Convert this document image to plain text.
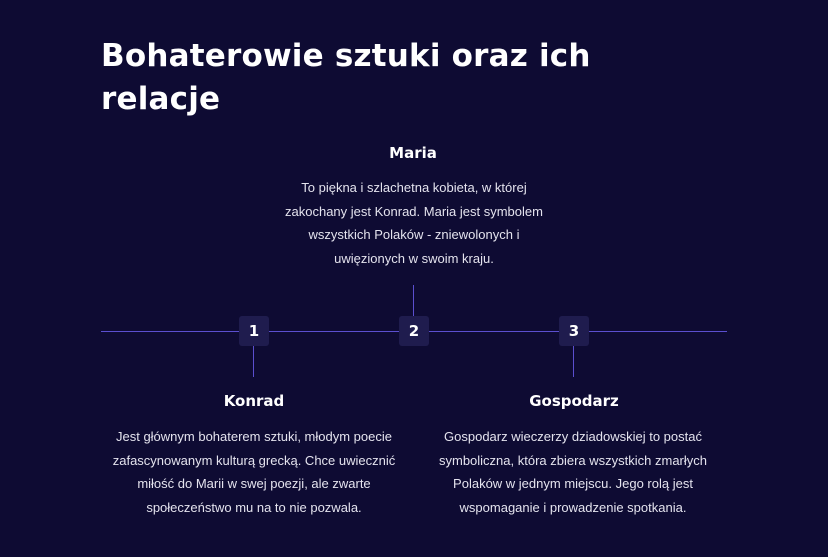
Bohaterowie sztuki oraz ich relacje
Maria

To piękna i szlachetna kobieta, w której zakochany jest Konrad. Maria jest symbolem wszystkich Polaków - zniewolonych i uwięzionych w swoim kraju.

1	2	3
Konrad

Jest głównym bohaterem sztuki, młodym poecie zafascynowanym kulturą grecką. Chce uwiecznić miłość do Marii w swej poezji, ale zwarte społeczeństwo mu na to nie pozwala.

Gospodarz

Gospodarz wieczerzy dziadowskiej to postać symboliczna, która zbiera wszystkich zmarłych Polaków w jednym miejscu. Jego rolą jest wspomaganie i prowadzenie spotkania.
